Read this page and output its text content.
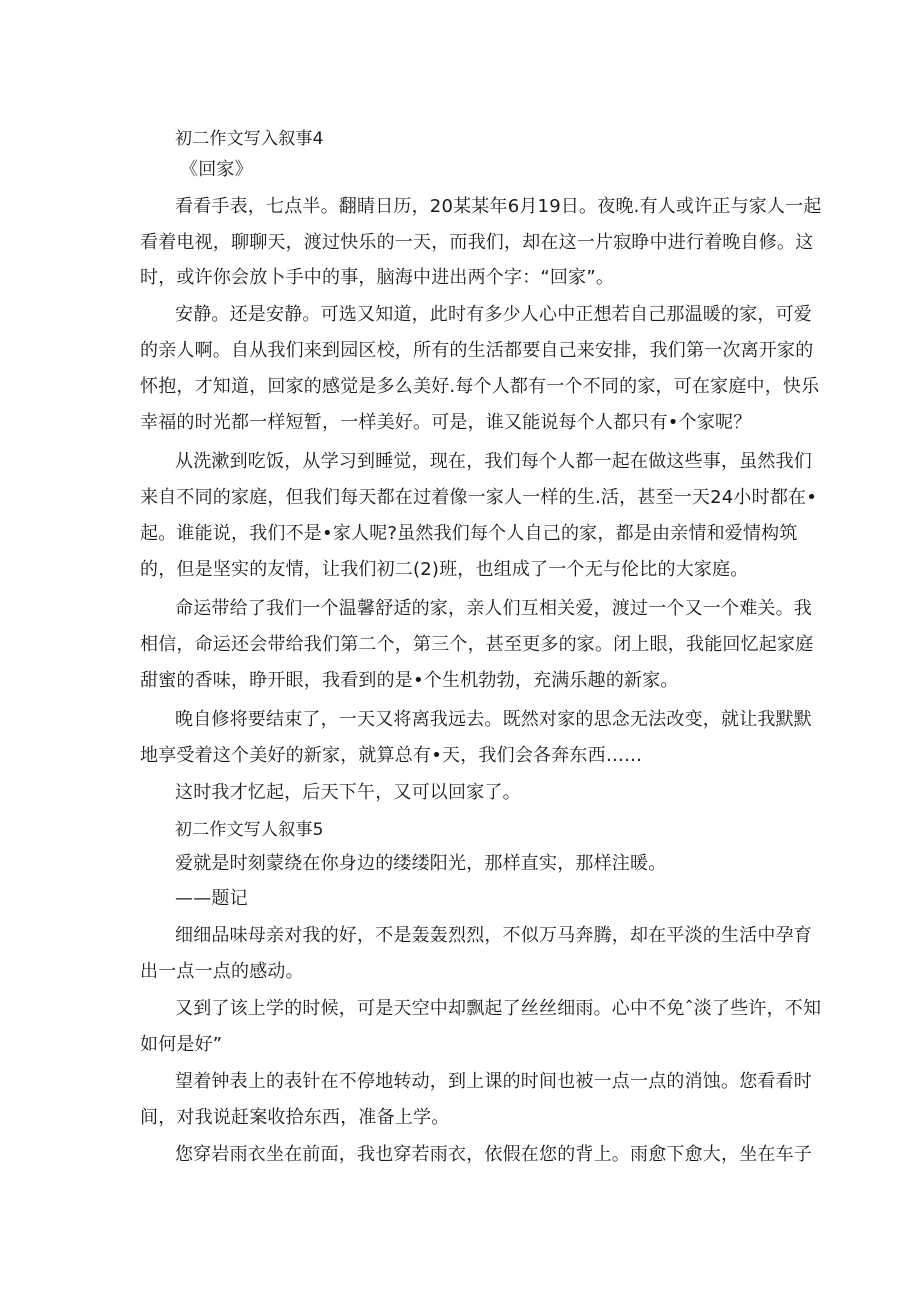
初二作文写入叙事4
《回家》
看看手表，七点半。翻睛日历，20某某年6月19日。夜晚.有人或许正与家人一起
看着电视，聊聊天，渡过快乐的一天，而我们，却在这一片寂睁中进行着晚自修。这
时，或许你会放卜手中的事，脑海中进出两个字：“回家”。
安静。还是安静。可选又知道，此时有多少人心中正想若自己那温暖的家，可爱
的亲人啊。自从我们来到园区校，所有的生活都要自己来安排，我们第一次离开家的
怀抱，才知道，回家的感觉是多么美好.每个人都有一个不同的家，可在家庭中，快乐
幸福的时光都一样短暂，一样美好。可是，谁又能说每个人都只有•个家呢？
从洗漱到吃饭，从学习到睡觉，现在，我们每个人都一起在做这些事，虽然我们
来自不同的家庭，但我们每天都在过着像一家人一样的生.活，甚至一天24小时都在•
起。谁能说，我们不是•家人呢?虽然我们每个人自己的家，都是由亲情和爱情构筑
的，但是坚实的友情，让我们初二(2)班，也组成了一个无与伦比的大家庭。
命运带给了我们一个温馨舒适的家，亲人们互相关爱，渡过一个又一个难关。我
相信，命运还会带给我们第二个，第三个，甚至更多的家。闭上眼，我能回忆起家庭
甜蜜的香味，睁开眼，我看到的是•个生机勃勃，充满乐趣的新家。
晚自修将要结束了，一天又将离我远去。既然对家的思念无法改变，就让我默默
地享受着这个美好的新家，就算总有•天，我们会各奔东西……
这时我才忆起，后天下午，又可以回家了。
初二作文写人叙事5
爱就是时刻蒙绕在你身边的缕缕阳光，那样直实，那样注暖。
——题记
细细品味母亲对我的好，不是轰轰烈烈，不似万马奔腾，却在平淡的生活中孕育
出一点一点的感动。
又到了该上学的时候，可是天空中却飘起了丝丝细雨。心中不免ˆ淡了些许，不知
如何是好”
望着钟表上的表针在不停地转动，到上课的时间也被一点一点的消蚀。您看看时
间，对我说赶案收拾东西，准备上学。
您穿岩雨衣坐在前面，我也穿若雨衣，依假在您的背上。雨愈下愈大，坐在车子
